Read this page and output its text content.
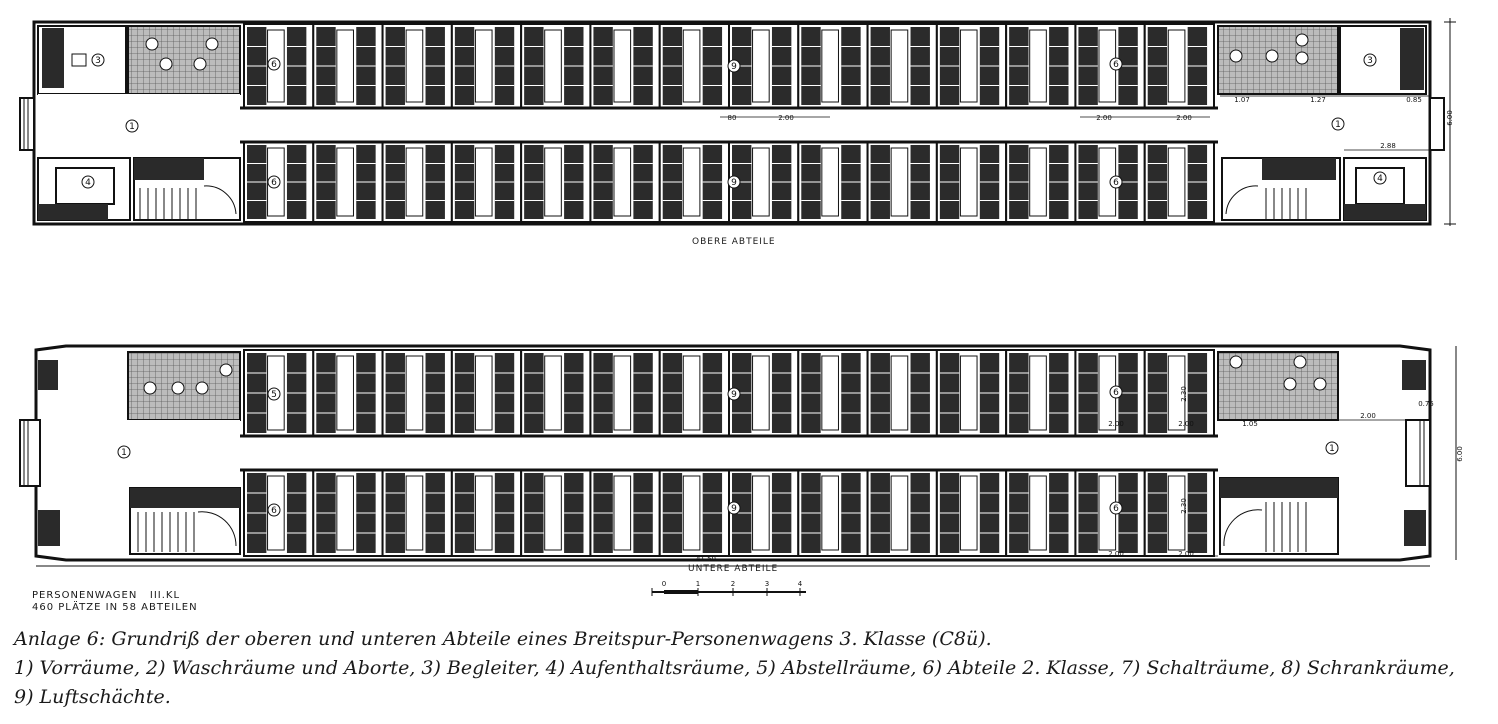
1	1
1	1
3	3
4	4
6
6
6
6
9
9
5
6
6
6
9
9
80	2.00	2.00	2.00
1.07	1.27	0.85
2.88
2.00	2.00
2.00
0.75
1.05
2.00	2.00
41.50
6.00
6.00
2.30
2.30
0	1	2	3	4
OBERE ABTEILE
UNTERE ABTEILE
PERSONENWAGEN   III.KL
460 PLÄTZE IN 58 ABTEILEN
Anlage 6: Grundriß der oberen und unteren Abteile eines Breitspur-Personenwagens 3. Klasse (C8ü).
1) Vorräume, 2) Waschräume und Aborte, 3) Begleiter, 4) Aufenthaltsräume, 5) Abstellräume, 6) Abteile 2. Klasse, 7) Schalträume, 8) Schrankräume,
9) Luftschächte.
